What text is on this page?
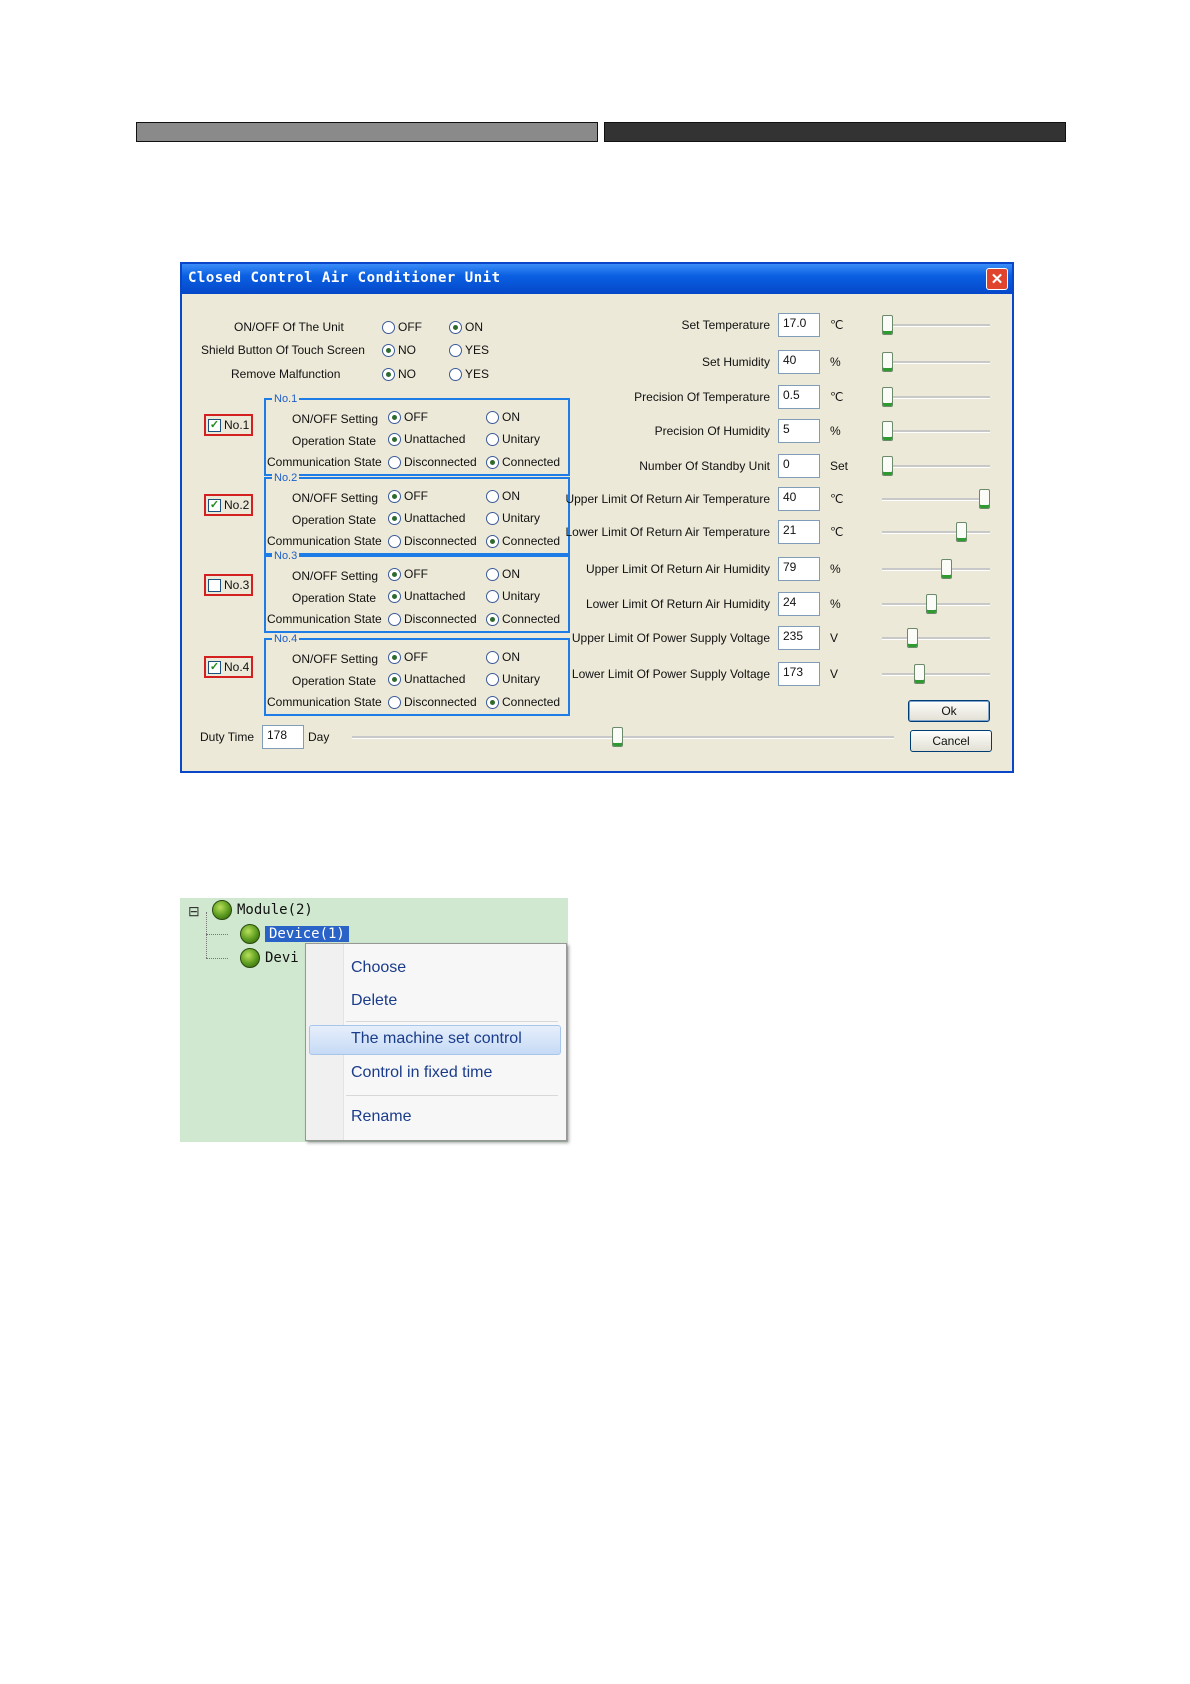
Closed Control Air Conditioner Unit	✕
ON/OFF Of The Unit	OFF	ON
Shield Button Of Touch Screen	NO	YES
Remove Malfunction	NO	YES
✓ No.1
No.1
ON/OFF Setting OFF	ON
Operation State Unattached	Unitary
Communication State Disconnected Connected
✓ No.2
No.2
ON/OFF Setting OFF	ON
Operation State Unattached	Unitary
Communication State Disconnected Connected
No.3
No.3
ON/OFF Setting OFF	ON
Operation State Unattached	Unitary
Communication State Disconnected Connected
✓ No.4
No.4
ON/OFF Setting OFF	ON
Operation State Unattached	Unitary
Communication State Disconnected Connected
Set Temperature	17.0	℃
Set Humidity	40	%
Precision Of Temperature	0.5	℃
Precision Of Humidity	5	%
Number Of Standby Unit	0	Set
Upper Limit Of Return Air Temperature	40	℃
Lower Limit Of Return Air Temperature	21	℃
Upper Limit Of Return Air Humidity	79	%
Lower Limit Of Return Air Humidity	24	%
Upper Limit Of Power Supply Voltage	235	V
Lower Limit Of Power Supply Voltage	173	V
Duty Time	178	Day
Ok
Cancel
⊟	Module(2)
Device(1)
Devi
Choose
Delete
The machine set control
Control in fixed time
Rename
